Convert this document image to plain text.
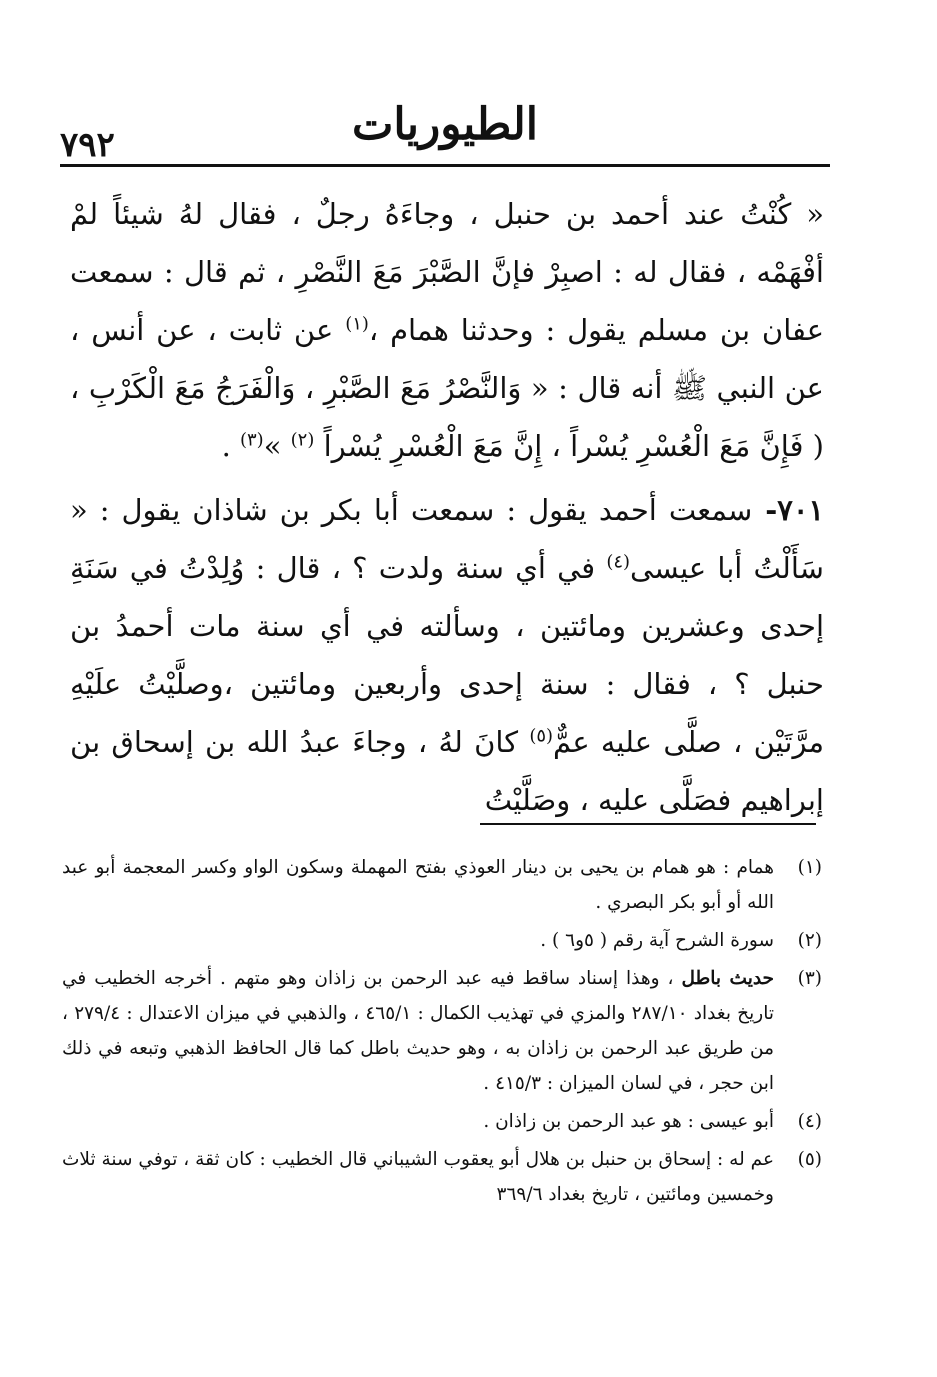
٧٩٢	الطيوريات

« كُنْتُ عند أحمد بن حنبل ، وجاءَهُ رجلٌ ، فقال لهُ شيئاً لمْ أفْهَمْه ، فقال له : اصبِرْ فإنَّ الصَّبْرَ مَعَ النَّصْرِ ، ثم قال : سمعت عفان بن مسلم يقول : وحدثنا همام ،$^{(١)}$ عن ثابت ، عن أنس ، عن النبي ﷺ أنه قال : « وَالنَّصْرُ مَعَ الصَّبْرِ ، وَالْفَرَجُ مَعَ الْكَرْبِ ، ( فَإِنَّ مَعَ الْعُسْرِ يُسْراً ، إِنَّ مَعَ الْعُسْرِ يُسْراً $^{(٢)}$ »$^{(٣)}$ .

٧٠١- سمعت أحمد يقول : سمعت أبا بكر بن شاذان يقول : « سَأَلْتُ أبا عيسى$^{(٤)}$ في أي سنة ولدت ؟ ، قال : وُلِدْتُ في سَنَةِ إحدى وعشرين ومائتين ، وسألته في أي سنة مات أحمدُ بن حنبل ؟ ، فقال : سنة إحدى وأربعين ومائتين ،وصلَّيْتُ علَيْهِ مرَّتَيْن ، صلَّى عليه عمٌّ$^{(٥)}$ كانَ لهُ ، وجاءَ عبدُ الله بن إسحاق بن إبراهيم فصَلَّى عليه ، وصَلَّيْتُ

(١)
همام : هو همام بن يحيى بن دينار العوذي بفتح المهملة وسكون الواو وكسر المعجمة أبو عبد الله أو أبو بكر البصري .
(٢)
سورة الشرح آية رقم ( ٥و٦ ) .
(٣)
حديث باطل ، وهذا إسناد ساقط فيه عبد الرحمن بن زاذان وهو متهم . أخرجه الخطيب في تاريخ بغداد ٢٨٧/١٠ والمزي في تهذيب الكمال : ٤٦٥/١ ، والذهبي في ميزان الاعتدال : ٢٧٩/٤ ، من طريق عبد الرحمن بن زاذان به ، وهو حديث باطل كما قال الحافظ الذهبي وتبعه في ذلك ابن حجر ، في لسان الميزان : ٤١٥/٣ .
(٤)
أبو عيسى : هو عبد الرحمن بن زاذان .
(٥)
عم له : إسحاق بن حنبل بن هلال أبو يعقوب الشيباني قال الخطيب : كان ثقة ، توفي سنة ثلاث وخمسين ومائتين ، تاريخ بغداد ٣٦٩/٦
